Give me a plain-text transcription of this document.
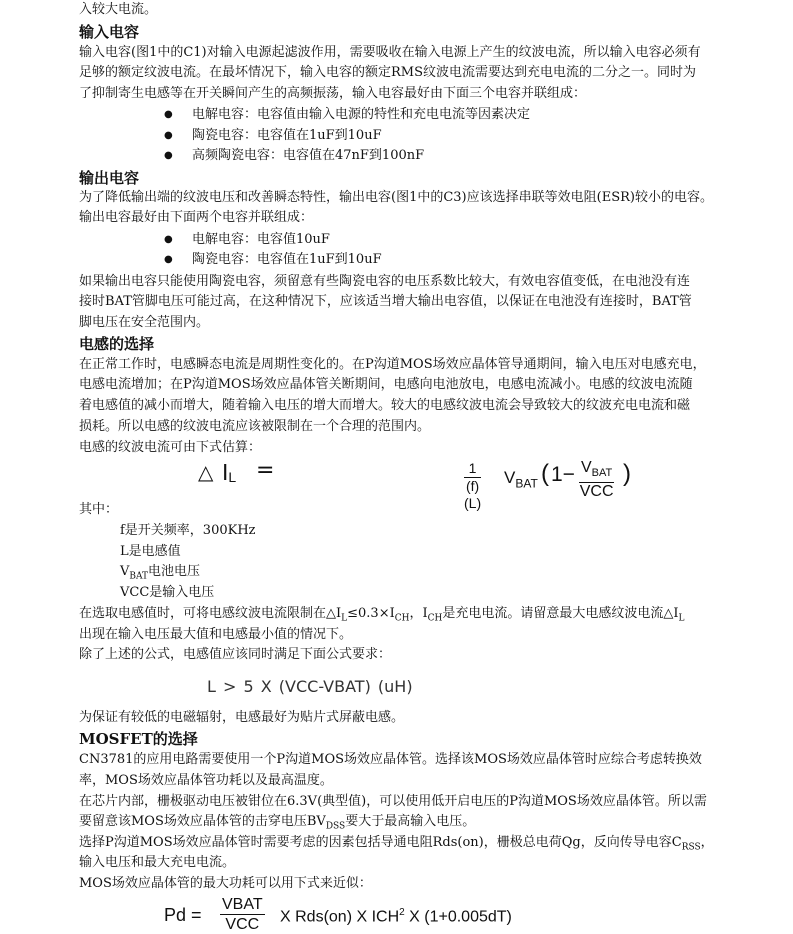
入较大电流。
输入电容
输入电容(图1中的C1)对输入电源起滤波作用，需要吸收在输入电源上产生的纹波电流，所以输入电容必须有
足够的额定纹波电流。在最坏情况下，输入电容的额定RMS纹波电流需要达到充电电流的二分之一。同时为
了抑制寄生电感等在开关瞬间产生的高频振荡，输入电容最好由下面三个电容并联组成：
● 电解电容：电容值由输入电源的特性和充电电流等因素决定
● 陶瓷电容：电容值在1uF到10uF
● 高频陶瓷电容：电容值在47nF到100nF
输出电容
为了降低输出端的纹波电压和改善瞬态特性，输出电容(图1中的C3)应该选择串联等效电阻(ESR)较小的电容。
输出电容最好由下面两个电容并联组成：
● 电解电容：电容值10uF
● 陶瓷电容：电容值在1uF到10uF
如果输出电容只能使用陶瓷电容，须留意有些陶瓷电容的电压系数比较大，有效电容值变低，在电池没有连
接时BAT管脚电压可能过高，在这种情况下，应该适当增大输出电容值，以保证在电池没有连接时，BAT管
脚电压在安全范围内。
电感的选择
在正常工作时，电感瞬态电流是周期性变化的。在P沟道MOS场效应晶体管导通期间，输入电压对电感充电，
电感电流增加；在P沟道MOS场效应晶体管关断期间，电感向电池放电，电感电流减小。电感的纹波电流随
着电感值的减小而增大，随着输入电压的增大而增大。较大的电感纹波电流会导致较大的纹波充电电流和磁
损耗。所以电感的纹波电流应该被限制在一个合理的范围内。
电感的纹波电流可由下式估算：
△ $I_L$ =	$\frac{1}{(f)(L)} V_{BAT}$ ( $1- V_{BAT}$
VCC
)
其中：
f是开关频率，300KHz
L是电感值
$V_{BAT}$电池电压
VCC是输入电压
在选取电感值时，可将电感纹波电流限制在$\triangle I_L\le 0.3\times I_{CH}$，$I_{CH}$是充电电流。请留意最大电感纹波电流$\triangle I_L$
出现在输入电压最大值和电感最小值的情况下。
除了上述的公式，电感值应该同时满足下面公式要求：
L > 5 X (VCC-VBAT) (uH)
为保证有较低的电磁辐射，电感最好为贴片式屏蔽电感。
MOSFET的选择
CN3781的应用电路需要使用一个P沟道MOS场效应晶体管。选择该MOS场效应晶体管时应综合考虑转换效
率，MOS场效应晶体管功耗以及最高温度。
在芯片内部，栅极驱动电压被钳位在6.3V(典型值)，可以使用低开启电压的P沟道MOS场效应晶体管。所以需
要留意该MOS场效应晶体管的击穿电压$BV_{DSS}$要大于最高输入电压。
选择P沟道MOS场效应晶体管时需要考虑的因素包括导通电阻Rds(on)，栅极总电荷Qg，反向传导电容$C_{RSS}$，
输入电压和最大充电电流。
MOS场效应晶体管的最大功耗可以用下式来近似：
Pd =
VBAT
VCC	X Rds(on) X ICH$^2$ X (1+0.005dT)
